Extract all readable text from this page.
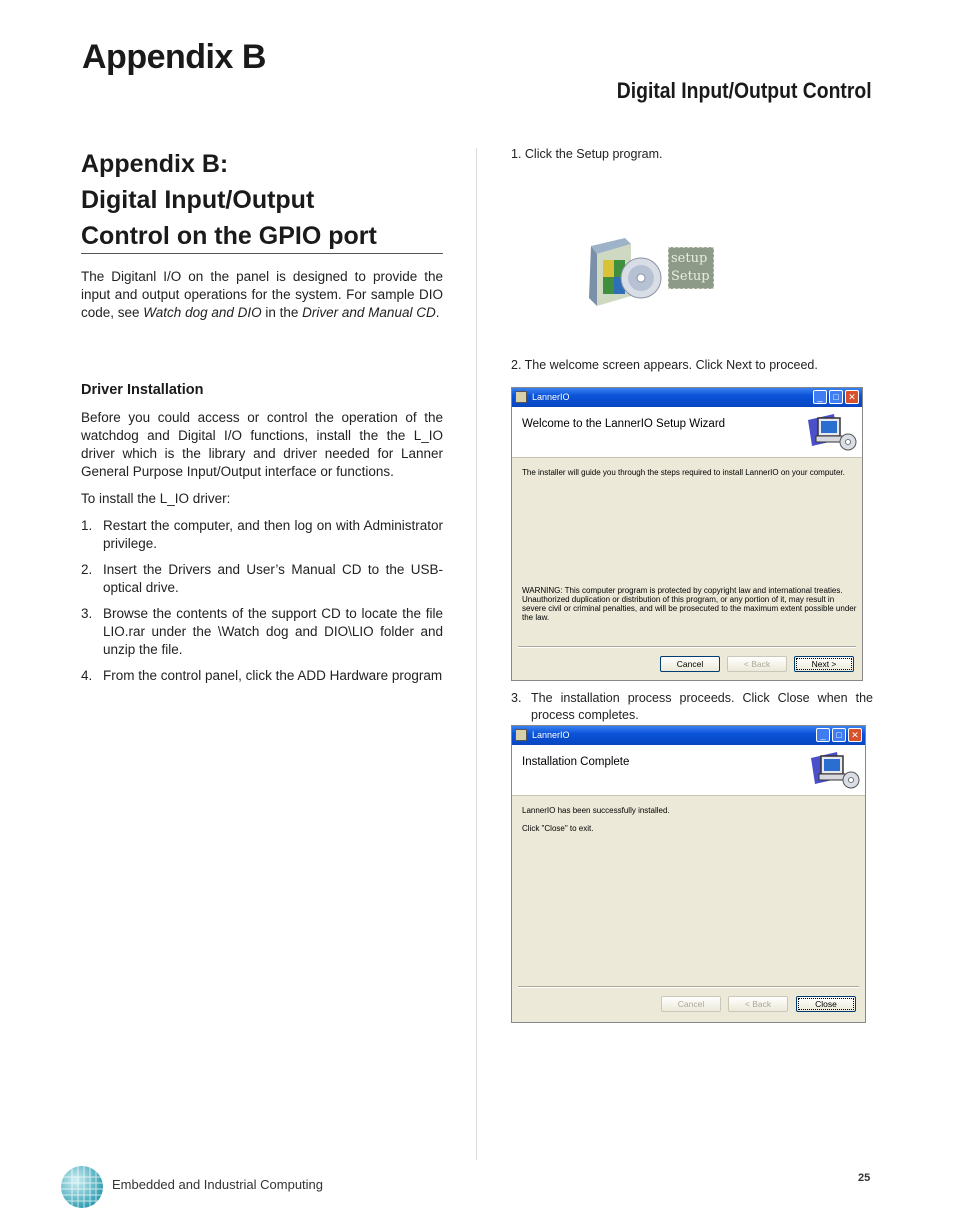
Appendix B
Digital Input/Output Control
Appendix B:
Digital Input/Output
Control on the GPIO port
The Digitanl I/O on the panel is designed to provide the input and output operations for the system. For sample DIO code, see Watch dog and DIO in the Driver and Manual CD.
Driver Installation
Before you could access or control the operation of the watchdog and Digital I/O functions, install the the L_IO driver which is the library and driver needed for Lanner General Purpose Input/Output interface or functions.
To install the L_IO driver:
1. Restart the computer, and then log on with Administrator privilege.
2. Insert the Drivers and User’s Manual CD to the USB-optical drive.
3. Browse the contents of the support CD to locate the file LIO.rar under the \Watch dog and DIO\LIO folder and unzip the file.
4. From the control panel, click the ADD Hardware program
1. Click the Setup program.
setup
Setup
2. The welcome screen appears. Click Next to proceed.
LannerIO	_	□	✕
Welcome to the LannerIO Setup Wizard
The installer will guide you through the steps required to install LannerIO on your computer.
WARNING: This computer program is protected by copyright law and international treaties. Unauthorized duplication or distribution of this program, or any portion of it, may result in severe civil or criminal penalties, and will be prosecuted to the maximum extent possible under the law.
Cancel	< Back	Next >
3. The installation process proceeds. Click Close when the process completes.
LannerIO	_	□	✕
Installation Complete
LannerIO has been successfully installed.
Click "Close" to exit.
Cancel	< Back	Close
Embedded and Industrial Computing	25
